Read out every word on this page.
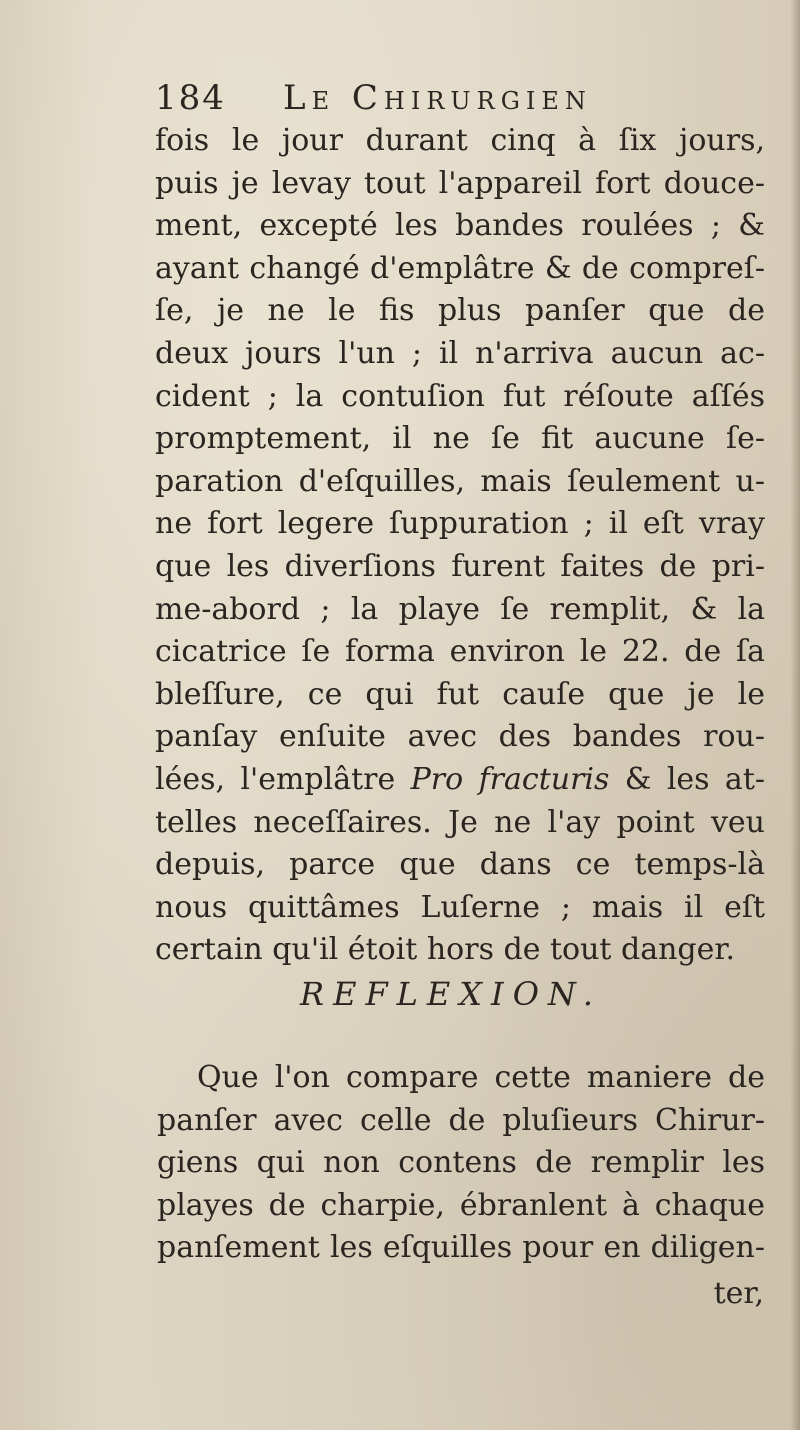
184 Le Chirurgien
fois le jour durant cinq à ſix jours,
puis je levay tout l'appareil fort douce-
ment, excepté les bandes roulées ; &
ayant changé d'emplâtre & de compreſ-
ſe, je ne le fis plus panſer que de
deux jours l'un ; il n'arriva aucun ac-
cident ; la contuſion fut réſoute aſſés
promptement, il ne ſe fit aucune ſe-
paration d'eſquilles, mais ſeulement u-
ne fort legere ſuppuration ; il eſt vray
que les diverſions furent faites de pri-
me-abord ; la playe ſe remplit, & la
cicatrice ſe forma environ le 22. de ſa
bleſſure, ce qui fut cauſe que je le
panſay enſuite avec des bandes rou-
lées, l'emplâtre Pro fracturis & les at-
telles neceſſaires. Je ne l'ay point veu
depuis, parce que dans ce temps-là
nous quittâmes Luſerne ; mais il eſt
certain qu'il étoit hors de tout danger.
REFLEXION.
Que l'on compare cette maniere de
panſer avec celle de pluſieurs Chirur-
giens qui non contens de remplir les
playes de charpie, ébranlent à chaque
panſement les eſquilles pour en diligen-
ter,
